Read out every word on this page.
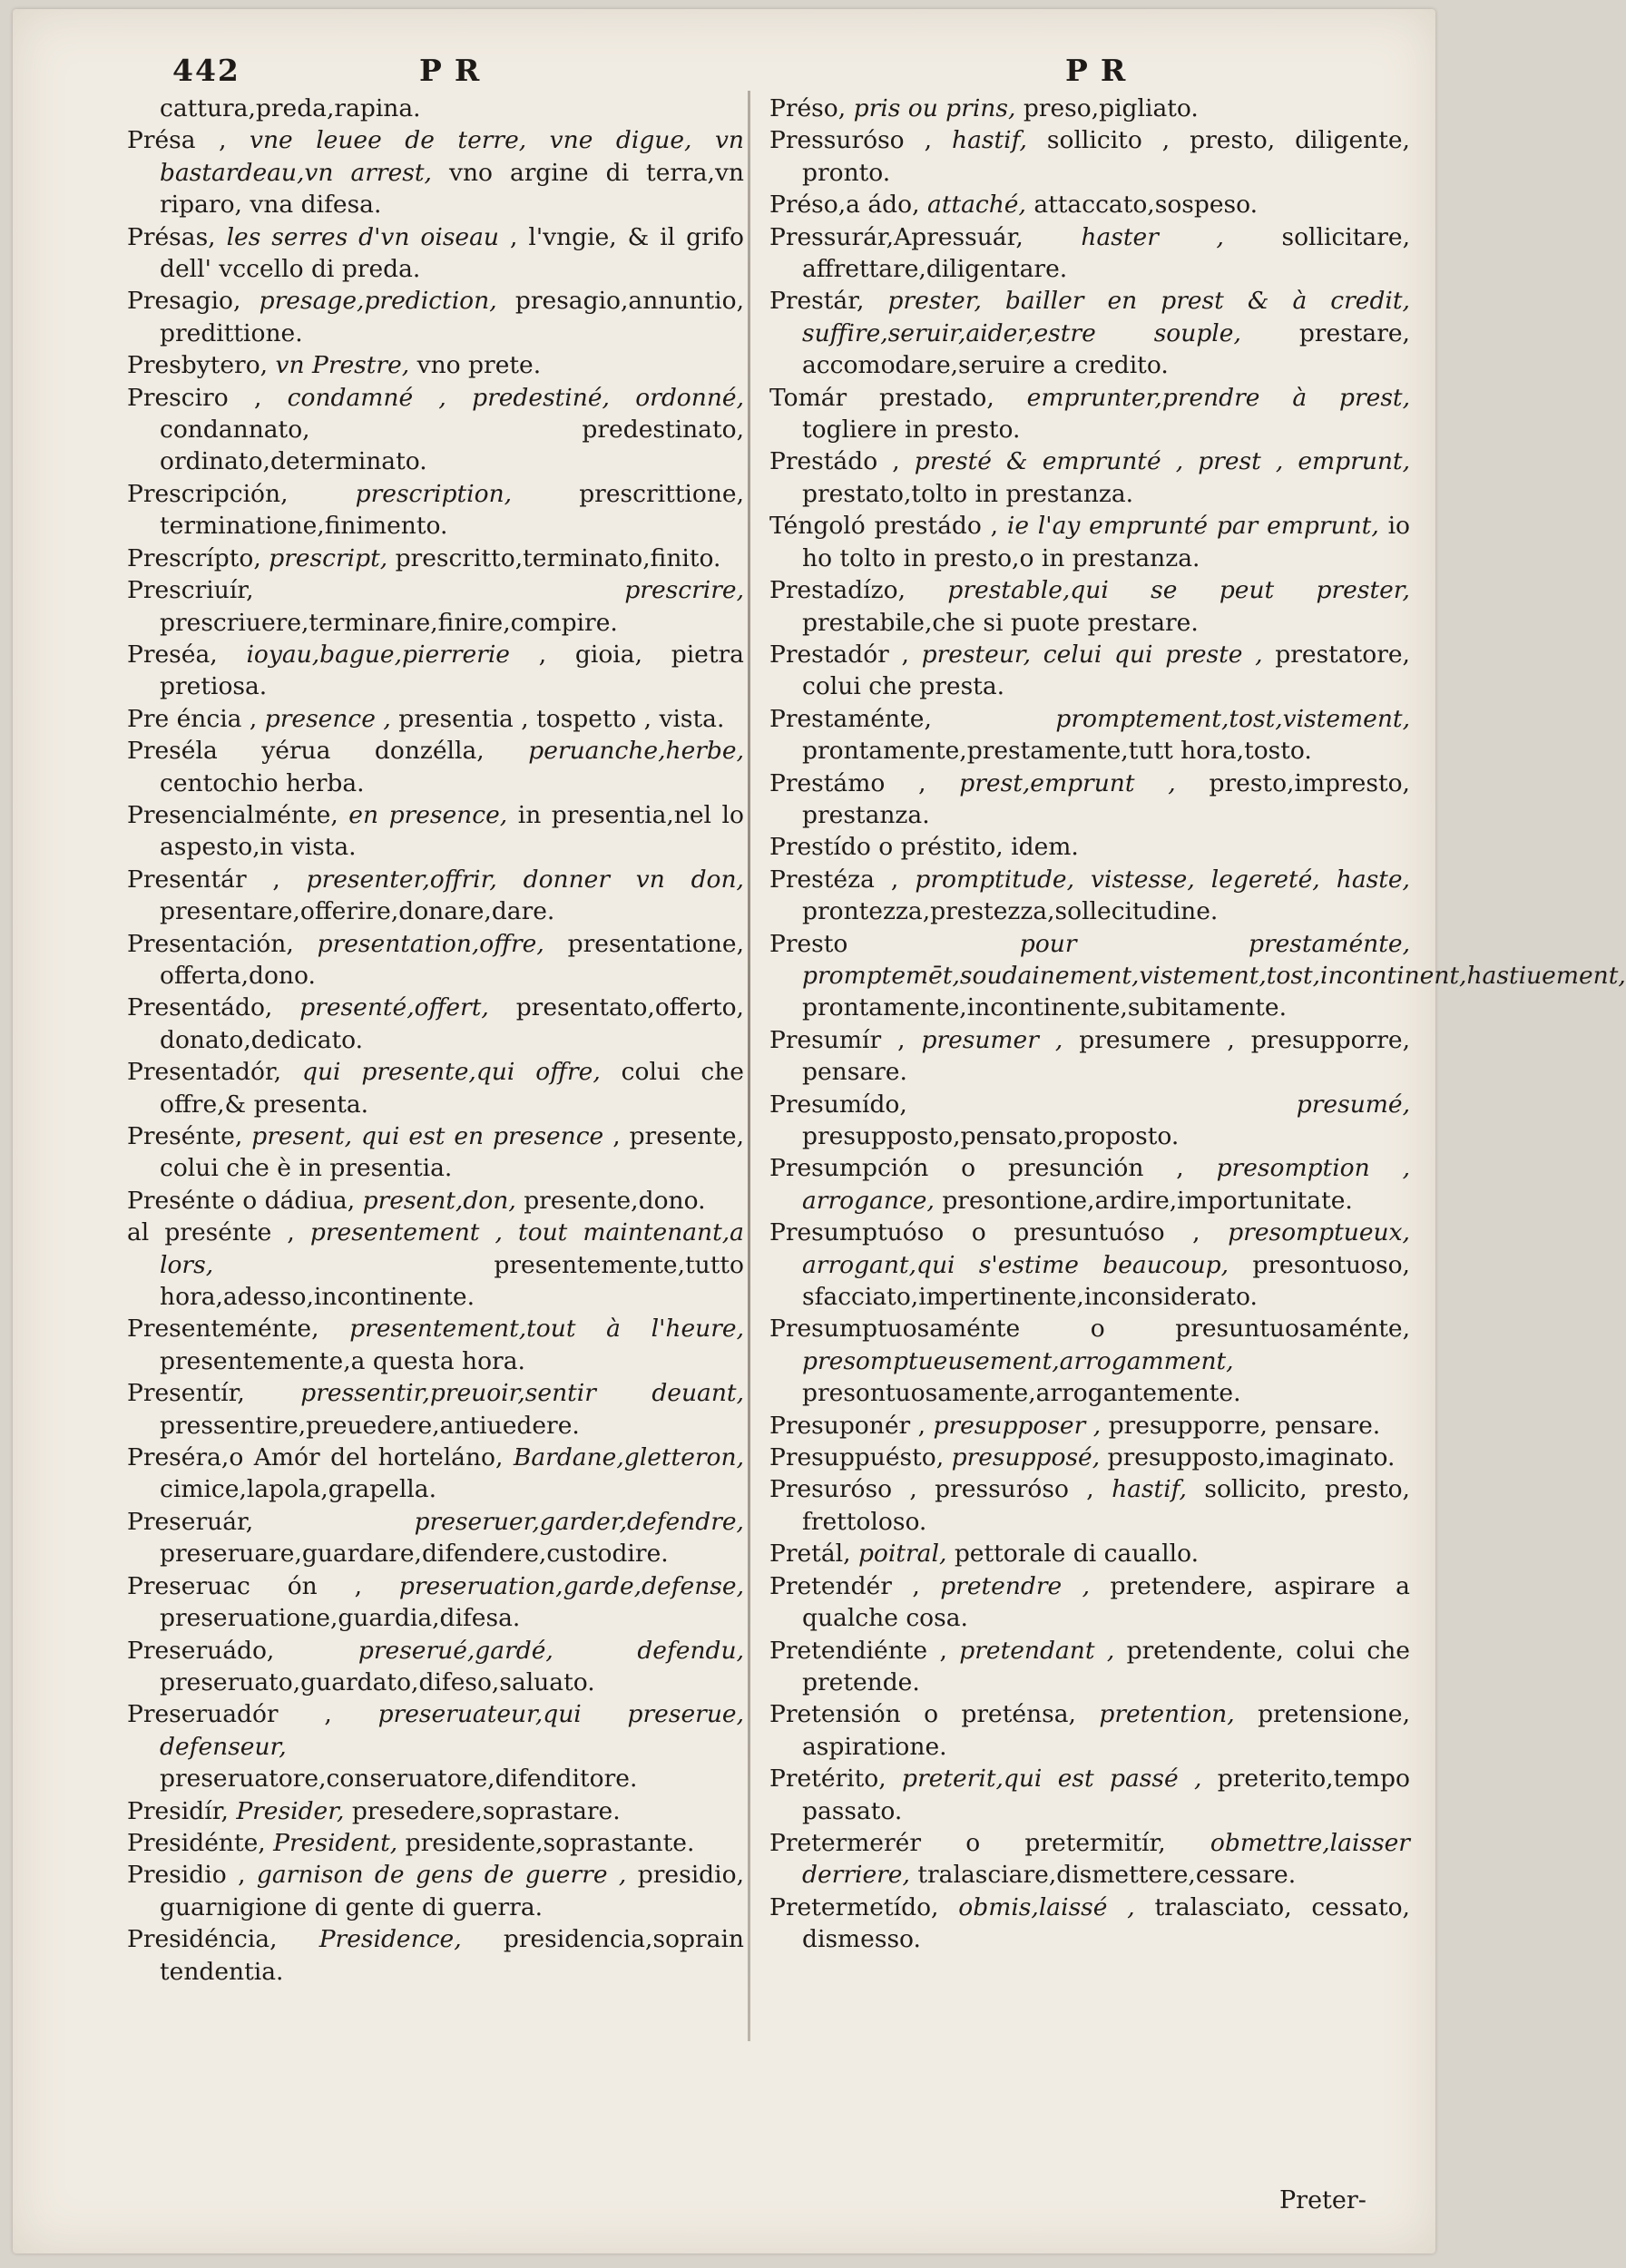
442	PR	PR

cattura,preda,rapina.

Présa , vne leuee de terre, vne digue, vn bastardeau,vn arrest, vno argine di terra,vn riparo, vna difesa.

Présas, les serres d'vn oiseau , l'vngie, & il grifo dell' vccello di preda.

Presagio, presage,prediction, presagio,annuntio, predittione.

Presbytero, vn Prestre, vno prete.

Presciro , condamné , predestiné, ordonné, condannato, predestinato, ordinato,determinato.

Prescripción,	prescription,	prescrittione, terminatione,finimento.

Prescrípto, prescript, prescritto,terminato,finito.

Prescriuír,	prescrire, prescriuere,terminare,finire,compire.

Preséa, ioyau,bague,pierrerie , gioia, pietra pretiosa.

Pre éncia , presence , presentia , tospetto , vista.

Preséla yérua donzélla, peruanche,herbe, centochio herba.

Presencialménte, en presence, in presentia,nel lo aspesto,in vista.

Presentár , presenter,offrir, donner vn don, presentare,offerire,donare,dare.

Presentación, presentation,offre, presentatione, offerta,dono.

Presentádo, presenté,offert, presentato,offerto, donato,dedicato.

Presentadór, qui presente,qui offre, colui che offre,& presenta.

Presénte, present, qui est en presence , presente, colui che è in presentia.

Presénte o dádiua, present,don, presente,dono.

al presénte , presentement , tout maintenant,a lors,	presentemente,tutto hora,adesso,incontinente.

Presenteménte, presentement,tout à l'heure, presentemente,a questa hora.

Presentír, pressentir,preuoir,sentir deuant, pressentire,preuedere,antiuedere.

Preséra,o Amór del horteláno, Bardane,gletteron, cimice,lapola,grapella.

Preseruár,	preseruer,garder,defendre, preseruare,guardare,difendere,custodire.

Preseruac ón , preseruation,garde,defense, preseruatione,guardia,difesa.

Preseruádo,	preserué,gardé, defendu, preseruato,guardato,difeso,saluato.

Preseruadór , preseruateur,qui preserue, defenseur, preseruatore,conseruatore,difenditore.

Presidír, Presider, presedere,soprastare.

Presidénte, President, presidente,soprastante.

Presidio , garnison de gens de guerre , presidio, guarnigione di gente di guerra.

Presidéncia, Presidence, presidencia,soprain tendentia.

Préso, pris ou prins, preso,pigliato.

Pressuróso , hastif, sollicito , presto, diligente, pronto.

Préso,a ádo, attaché, attaccato,sospeso.

Pressurár,Apressuár, haster , sollicitare, affrettare,diligentare.

Prestár, prester, bailler en prest & à credit, suffire,seruir,aider,estre souple, prestare, accomodare,seruire a credito.

Tomár prestado, emprunter,prendre à prest, togliere in presto.

Prestádo , presté & emprunté , prest , emprunt, prestato,tolto in prestanza.

Téngoló prestádo , ie l'ay emprunté par emprunt, io ho tolto in presto,o in prestanza.

Prestadízo, prestable,qui se peut prester, prestabile,che si puote prestare.

Prestadór , presteur, celui qui preste , prestatore, colui che presta.

Prestaménte,	promptement,tost,vistement, prontamente,prestamente,tutt hora,tosto.

Prestámo , prest,emprunt , presto,impresto, prestanza.

Prestído o préstito, idem.

Prestéza , promptitude, vistesse, legereté, haste, prontezza,prestezza,sollecitudine.

Presto	pour prestaménte, promptemēt,soudainement,vistement,tost,incontinent,hastiuement, prontamente,incontinente,subitamente.

Presumír , presumer , presumere , presupporre, pensare.

Presumído,	presumé, presupposto,pensato,proposto.

Presumpción o presunción , presomption , arrogance, presontione,ardire,importunitate.

Presumptuóso o presuntuóso , presomptueux, arrogant,qui s'estime beaucoup, presontuoso, sfacciato,impertinente,inconsiderato.

Presumptuosaménte o presuntuosaménte, presomptueusement,arrogamment, presontuosamente,arrogantemente.

Presuponér , presupposer , presupporre, pensare.

Presuppuésto, presupposé, presupposto,imaginato.

Presuróso , pressuróso , hastif, sollicito, presto, frettoloso.

Pretál, poitral, pettorale di cauallo.

Pretendér , pretendre , pretendere, aspirare a qualche cosa.

Pretendiénte , pretendant , pretendente, colui che pretende.

Pretensión o preténsa, pretention, pretensione, aspiratione.

Pretérito, preterit,qui est passé , preterito,tempo passato.

Pretermerér o pretermitír, obmettre,laisser derriere, tralasciare,dismettere,cessare.

Pretermetído, obmis,laissé , tralasciato, cessato, dismesso.

Preter-
